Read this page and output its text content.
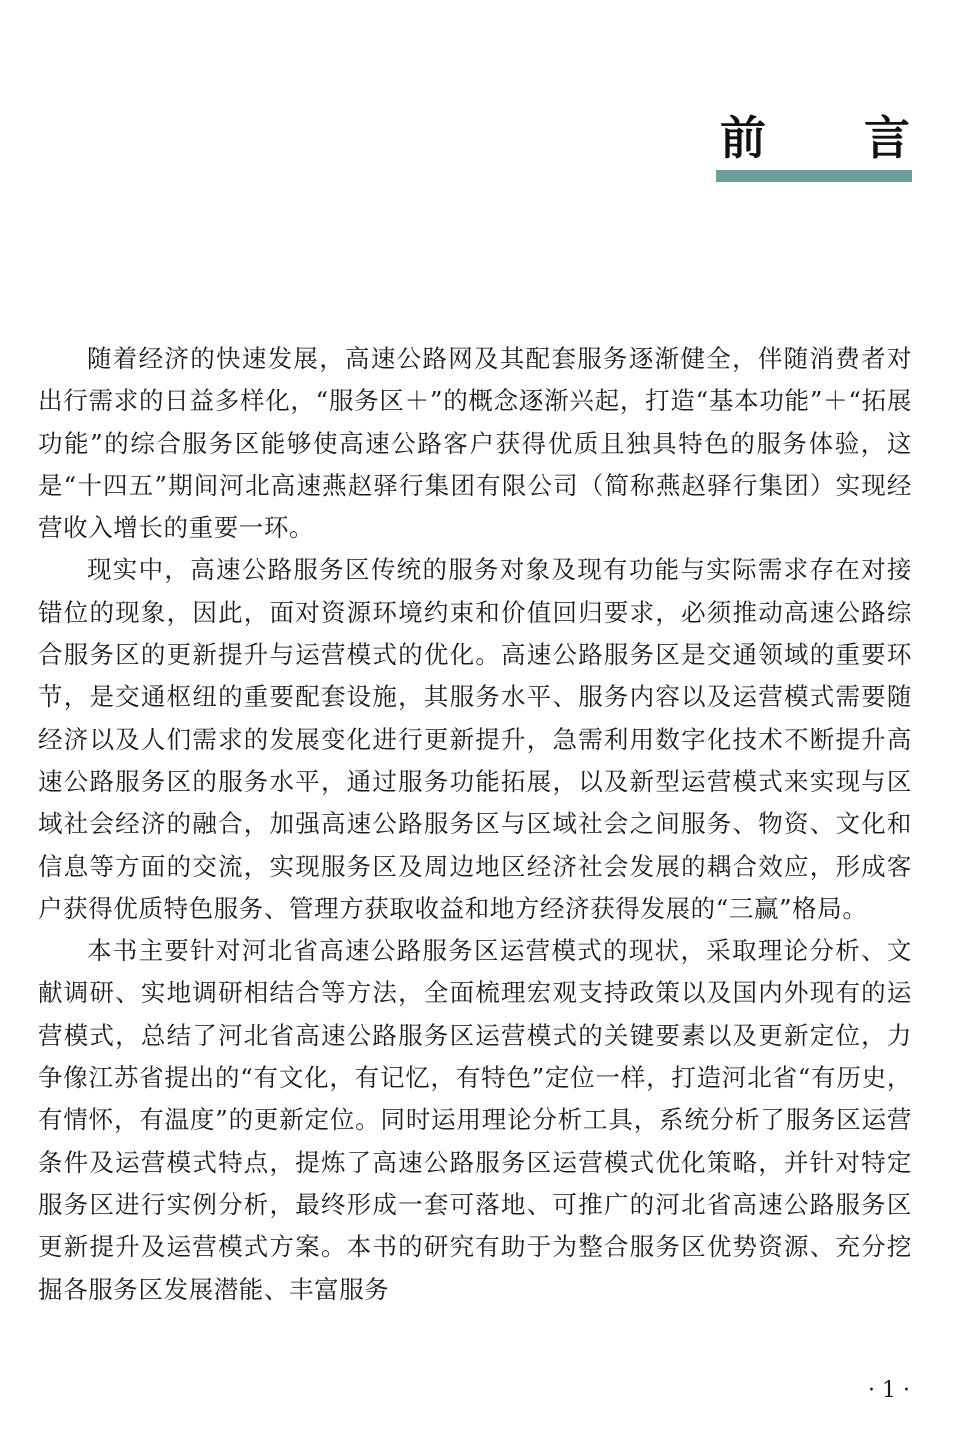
前 言

随着经济的快速发展，高速公路网及其配套服务逐渐健全，伴随消费者对出行需求的日益多样化，“服务区＋”的概念逐渐兴起，打造“基本功能”＋“拓展功能”的综合服务区能够使高速公路客户获得优质且独具特色的服务体验，这是“十四五”期间河北高速燕赵驿行集团有限公司（简称燕赵驿行集团）实现经营收入增长的重要一环。

现实中，高速公路服务区传统的服务对象及现有功能与实际需求存在对接错位的现象，因此，面对资源环境约束和价值回归要求，必须推动高速公路综合服务区的更新提升与运营模式的优化。高速公路服务区是交通领域的重要环节，是交通枢纽的重要配套设施，其服务水平、服务内容以及运营模式需要随经济以及人们需求的发展变化进行更新提升，急需利用数字化技术不断提升高速公路服务区的服务水平，通过服务功能拓展，以及新型运营模式来实现与区域社会经济的融合，加强高速公路服务区与区域社会之间服务、物资、文化和信息等方面的交流，实现服务区及周边地区经济社会发展的耦合效应，形成客户获得优质特色服务、管理方获取收益和地方经济获得发展的“三赢”格局。

本书主要针对河北省高速公路服务区运营模式的现状，采取理论分析、文献调研、实地调研相结合等方法，全面梳理宏观支持政策以及国内外现有的运营模式，总结了河北省高速公路服务区运营模式的关键要素以及更新定位，力争像江苏省提出的“有文化，有记忆，有特色”定位一样，打造河北省“有历史，有情怀，有温度”的更新定位。同时运用理论分析工具，系统分析了服务区运营条件及运营模式特点，提炼了高速公路服务区运营模式优化策略，并针对特定服务区进行实例分析，最终形成一套可落地、可推广的河北省高速公路服务区更新提升及运营模式方案。本书的研究有助于为整合服务区优势资源、充分挖掘各服务区发展潜能、丰富服务

· 1 ·
